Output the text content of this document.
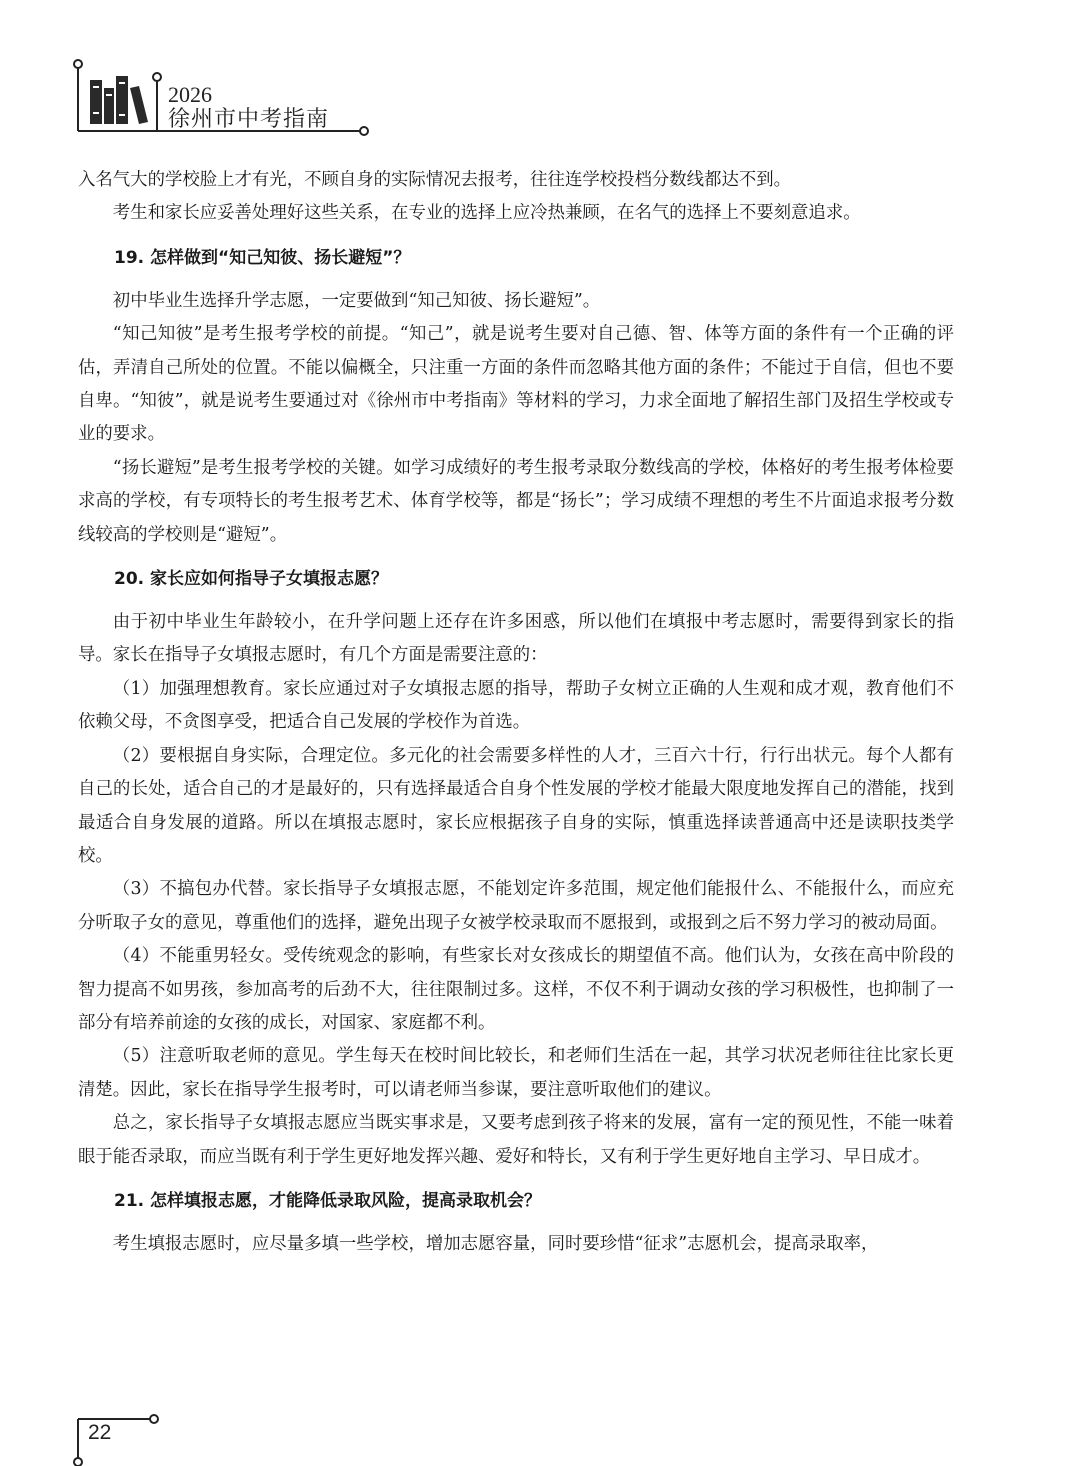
2026
徐州市中考指南

入名气大的学校脸上才有光，不顾自身的实际情况去报考，往往连学校投档分数线都达不到。

考生和家长应妥善处理好这些关系，在专业的选择上应冷热兼顾，在名气的选择上不要刻意追求。

19. 怎样做到“知己知彼、扬长避短”？

初中毕业生选择升学志愿，一定要做到“知己知彼、扬长避短”。

“知己知彼”是考生报考学校的前提。“知己”，就是说考生要对自己德、智、体等方面的条件有一个正确的评估，弄清自己所处的位置。不能以偏概全，只注重一方面的条件而忽略其他方面的条件；不能过于自信，但也不要自卑。“知彼”，就是说考生要通过对《徐州市中考指南》等材料的学习，力求全面地了解招生部门及招生学校或专业的要求。

“扬长避短”是考生报考学校的关键。如学习成绩好的考生报考录取分数线高的学校，体格好的考生报考体检要求高的学校，有专项特长的考生报考艺术、体育学校等，都是“扬长”；学习成绩不理想的考生不片面追求报考分数线较高的学校则是“避短”。

20. 家长应如何指导子女填报志愿？

由于初中毕业生年龄较小，在升学问题上还存在许多困惑，所以他们在填报中考志愿时，需要得到家长的指导。家长在指导子女填报志愿时，有几个方面是需要注意的：

（1）加强理想教育。家长应通过对子女填报志愿的指导，帮助子女树立正确的人生观和成才观，教育他们不依赖父母，不贪图享受，把适合自己发展的学校作为首选。

（2）要根据自身实际，合理定位。多元化的社会需要多样性的人才，三百六十行，行行出状元。每个人都有自己的长处，适合自己的才是最好的，只有选择最适合自身个性发展的学校才能最大限度地发挥自己的潜能，找到最适合自身发展的道路。所以在填报志愿时，家长应根据孩子自身的实际，慎重选择读普通高中还是读职技类学校。

（3）不搞包办代替。家长指导子女填报志愿，不能划定许多范围，规定他们能报什么、不能报什么，而应充分听取子女的意见，尊重他们的选择，避免出现子女被学校录取而不愿报到，或报到之后不努力学习的被动局面。

（4）不能重男轻女。受传统观念的影响，有些家长对女孩成长的期望值不高。他们认为，女孩在高中阶段的智力提高不如男孩，参加高考的后劲不大，往往限制过多。这样，不仅不利于调动女孩的学习积极性，也抑制了一部分有培养前途的女孩的成长，对国家、家庭都不利。

（5）注意听取老师的意见。学生每天在校时间比较长，和老师们生活在一起，其学习状况老师往往比家长更清楚。因此，家长在指导学生报考时，可以请老师当参谋，要注意听取他们的建议。

总之，家长指导子女填报志愿应当既实事求是，又要考虑到孩子将来的发展，富有一定的预见性，不能一味着眼于能否录取，而应当既有利于学生更好地发挥兴趣、爱好和特长，又有利于学生更好地自主学习、早日成才。

21. 怎样填报志愿，才能降低录取风险，提高录取机会？

考生填报志愿时，应尽量多填一些学校，增加志愿容量，同时要珍惜“征求”志愿机会，提高录取率，

22
